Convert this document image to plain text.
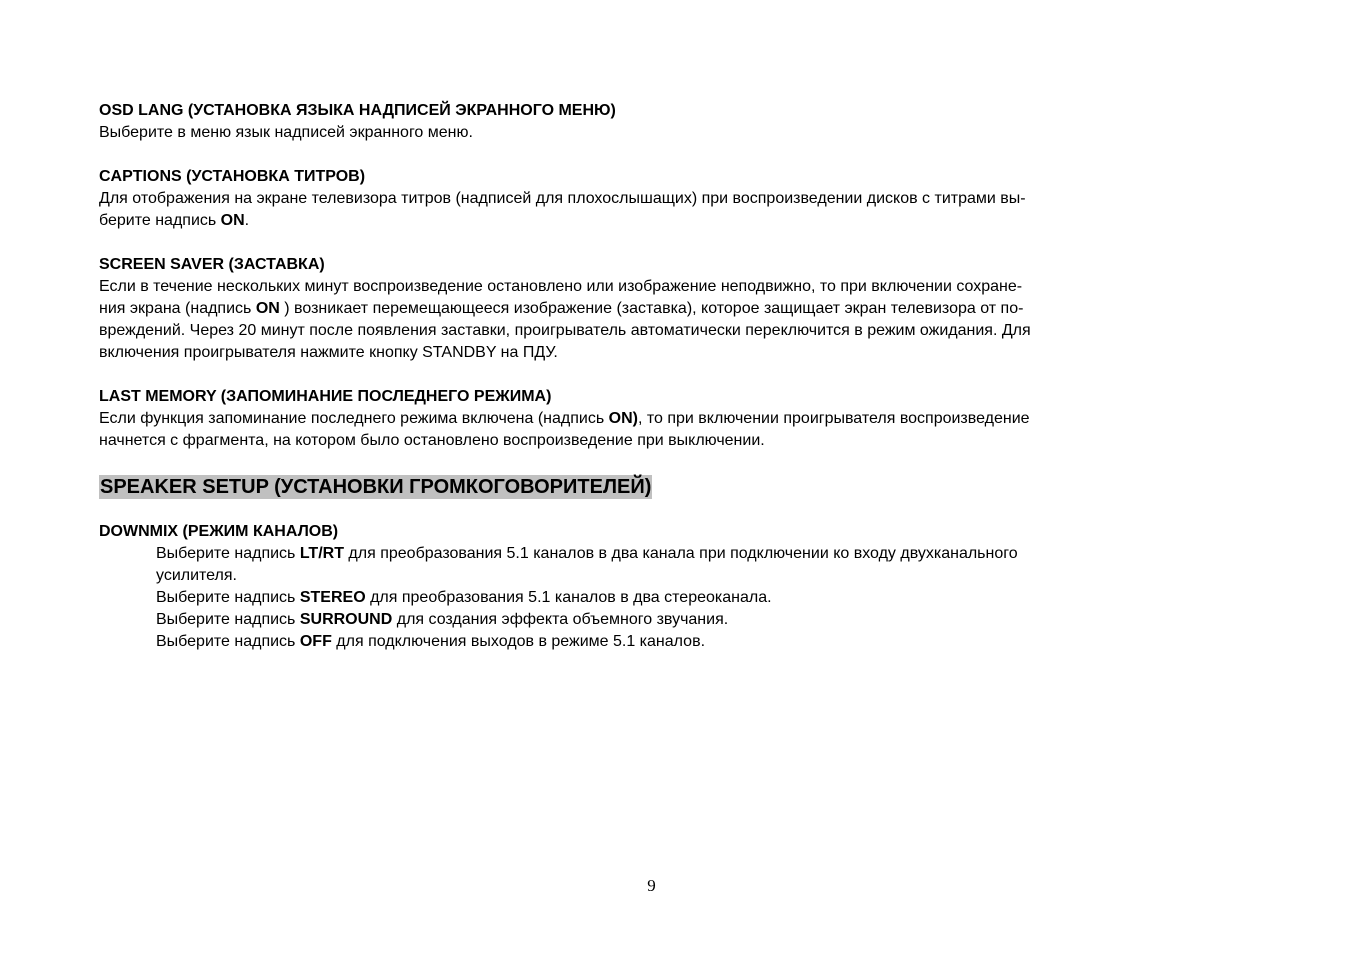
OSD LANG (УСТАНОВКА ЯЗЫКА НАДПИСЕЙ ЭКРАННОГО МЕНЮ)

Выберите в меню язык надписей экранного меню.

CAPTIONS (УСТАНОВКА ТИТРОВ)

Для отображения на экране телевизора титров (надписей для плохослышащих) при воспроизведении дисков с титрами вы-

берите надпись ON.

SCREEN SAVER (ЗАСТАВКА)

Если в течение нескольких минут воспроизведение остановлено или изображение неподвижно, то при включении сохране-

ния экрана (надпись ON ) возникает перемещающееся изображение (заставка), которое защищает экран телевизора от по-

вреждений. Через 20 минут после появления заставки, проигрыватель автоматически переключится в режим ожидания. Для

включения проигрывателя нажмите кнопку STANDBY на ПДУ.

LAST MEMORY (ЗАПОМИНАНИЕ ПОСЛЕДНЕГО РЕЖИМА)

Если функция запоминание последнего режима включена (надпись ON), то при включении проигрывателя воспроизведение

начнется с фрагмента, на котором было остановлено воспроизведение при выключении.

SPEAKER SETUP (УСТАНОВКИ ГРОМКОГОВОРИТЕЛЕЙ)

DOWNMIX (РЕЖИМ КАНАЛОВ)

Выберите надпись LT/RT для преобразования 5.1 каналов в два канала при подключении ко входу двухканального

усилителя.

Выберите надпись STEREO для преобразования 5.1 каналов в два стереоканала.

Выберите надпись SURROUND для создания эффекта объемного звучания.

Выберите надпись OFF для подключения выходов в режиме 5.1 каналов.

9
